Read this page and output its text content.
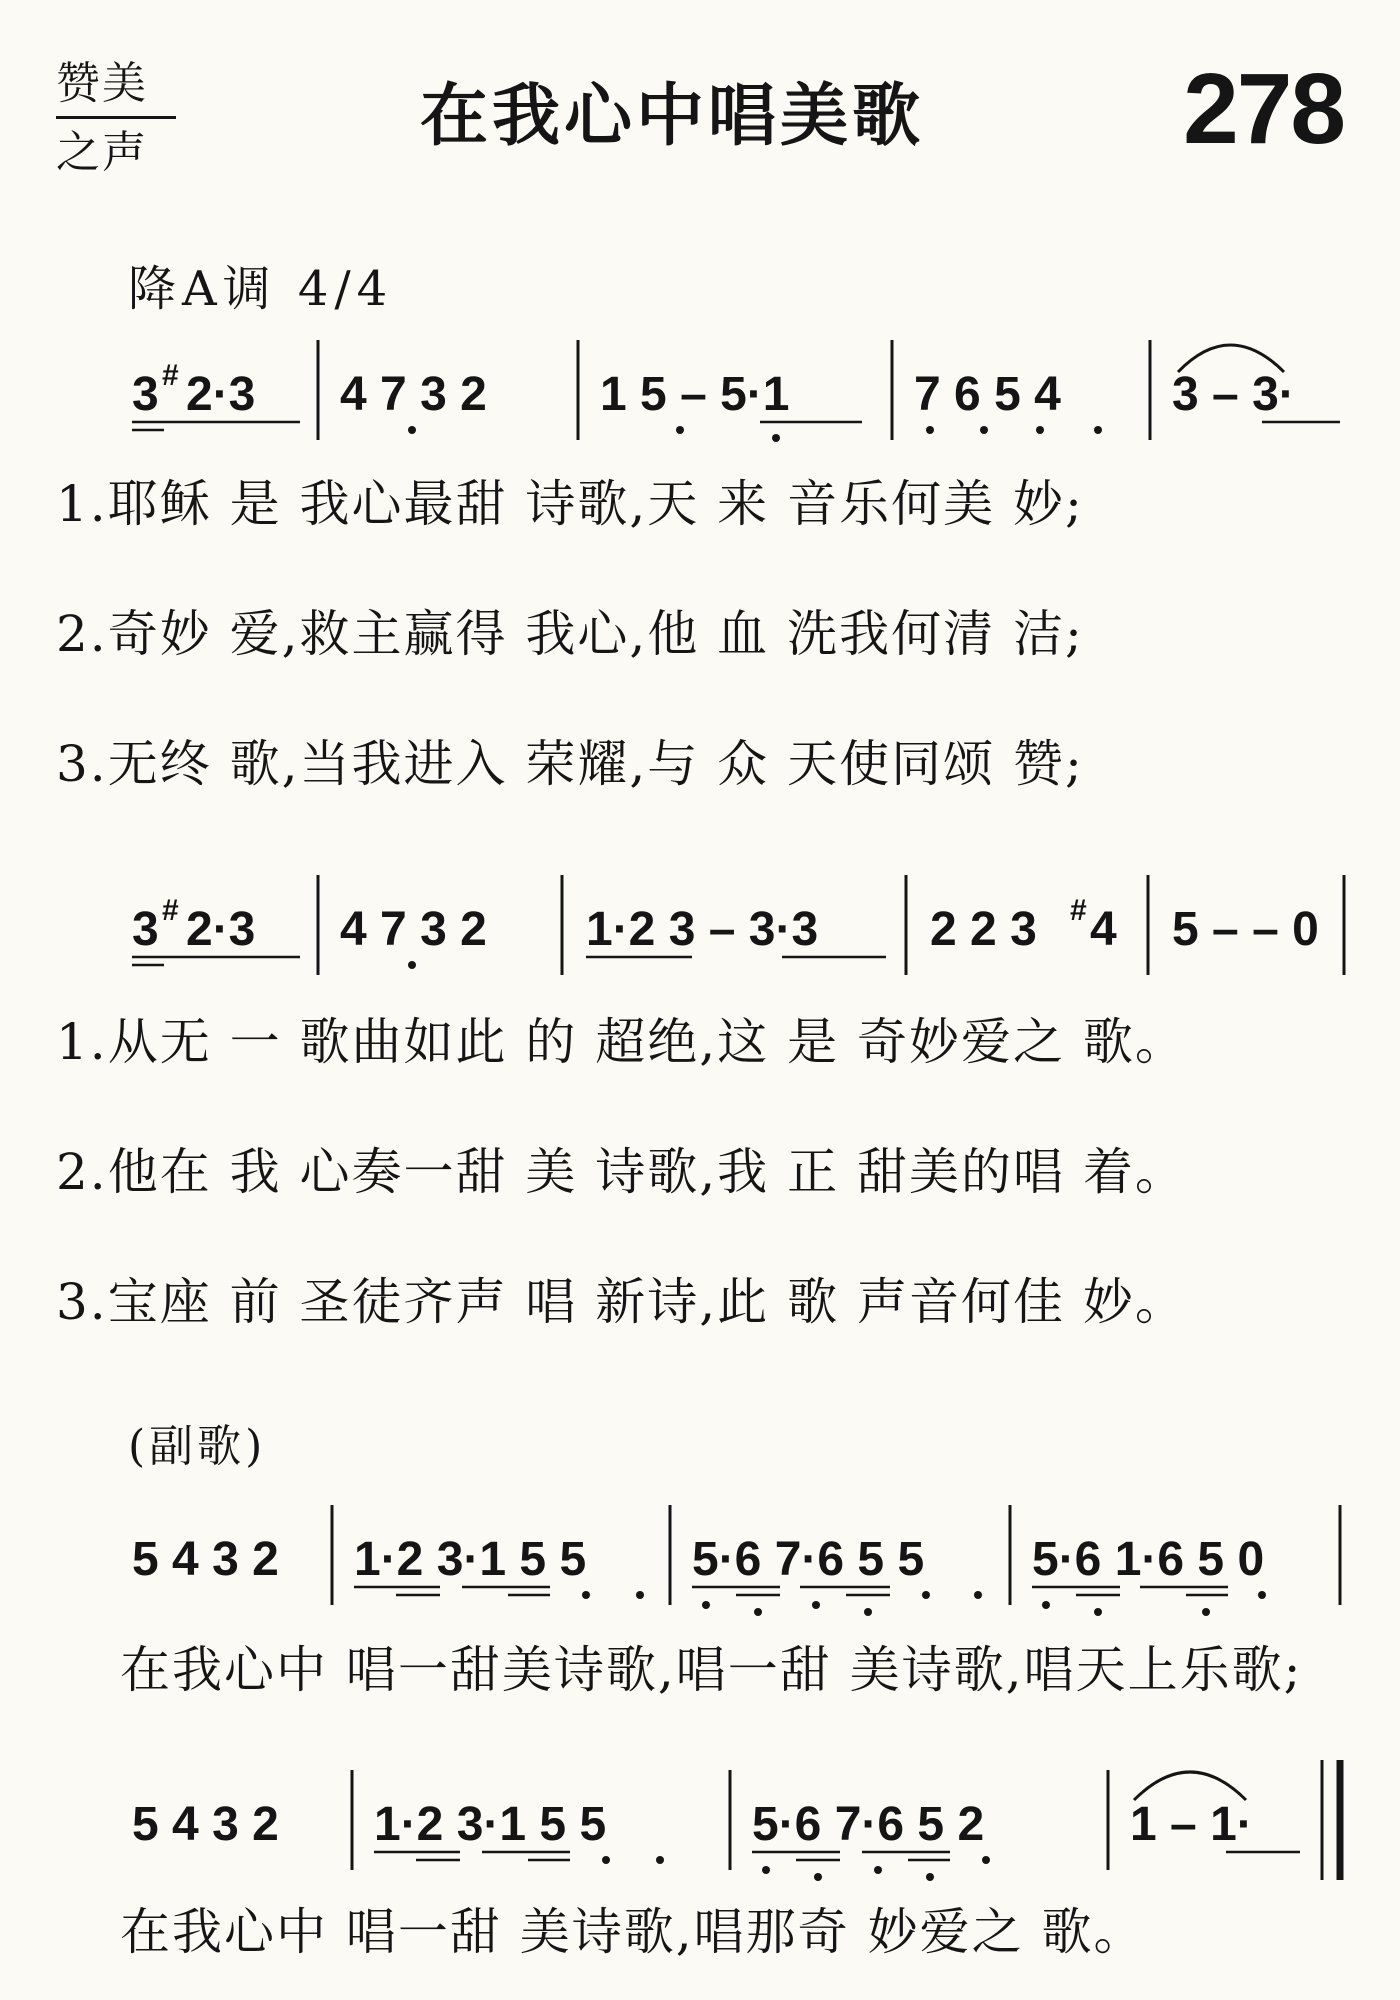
赞美
之声	在我心中唱美歌	278
降A调 4/4
3 # 2·3 4 7 3 2 1 5 – 5·1	7 6 5 4 3 – 3·
3 # 2·3 4 7 3 2 1·2 3 – 3·3 2 2 3 # 4 5 – – 0
5 4 3 2 1·2 3·1 5 5 5·6 7·6 5 5 5·6 1·6 5 0
5 4 3 2 1·2 3·1 5 5	5·6 7·6 5 2	1 – 1·

1.耶稣 是 我心最甜 诗歌,天 来 音乐何美 妙;

2.奇妙 爱,救主赢得 我心,他 血 洗我何清 洁;

3.无终 歌,当我进入 荣耀,与 众 天使同颂 赞;

1.从无 一 歌曲如此 的 超绝,这 是 奇妙爱之 歌。

2.他在 我 心奏一甜 美 诗歌,我 正 甜美的唱 着。

3.宝座 前 圣徒齐声 唱 新诗,此 歌 声音何佳 妙。

(副歌)

在我心中 唱一甜美诗歌,唱一甜 美诗歌,唱天上乐歌;

在我心中 唱一甜 美诗歌,唱那奇 妙爱之 歌。
